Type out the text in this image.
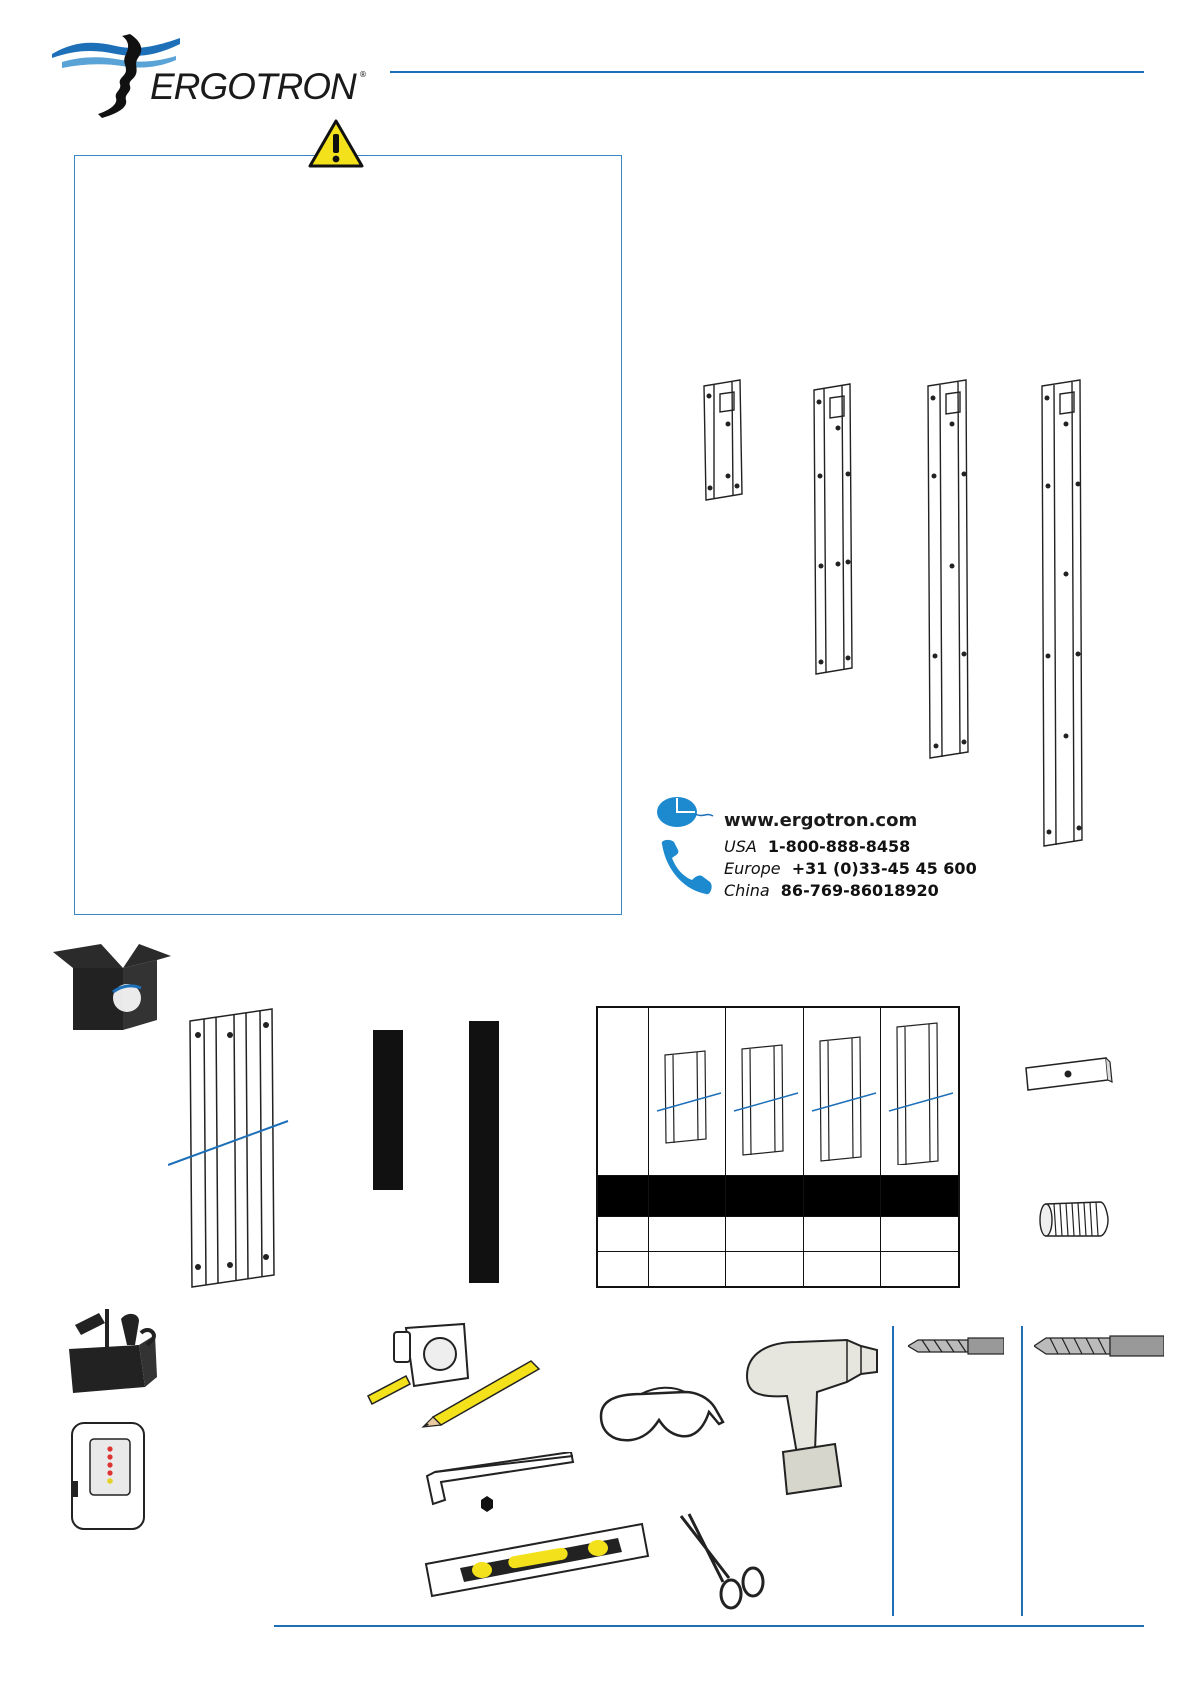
ERGOTRON ®
www.ergotron.com
USA 1-800-888-8458
Europe +31 (0)33-45 45 600
China 86-769-86018920
